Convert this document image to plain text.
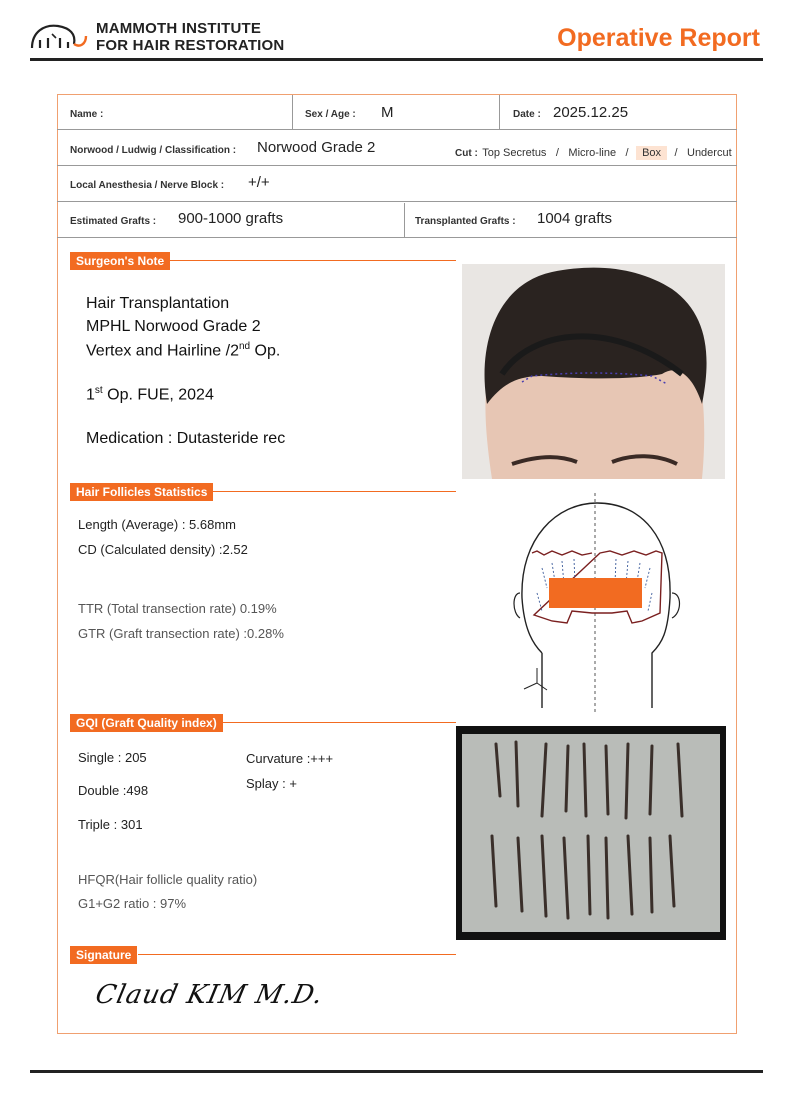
MAMMOTH INSTITUTE
FOR HAIR RESTORATION	Operative Report
Name :	Sex / Age : M	Date : 2025.12.25
Norwood / Ludwig / Classification : Norwood Grade 2	Cut : Top Secretus / Micro-line / Box / Undercut
Local Anesthesia / Nerve Block : +/+
Estimated Grafts : 900-1000 grafts	Transplanted Grafts : 1004 grafts
Surgeon's Note
Hair Transplantation
MPHL Norwood Grade 2
Vertex and Hairline /2nd Op.
1st Op. FUE, 2024
Medication : Dutasteride rec
Hair Follicles Statistics
Length (Average) : 5.68mm
CD (Calculated density) :2.52
TTR (Total transection rate) 0.19%
GTR (Graft transection rate) :0.28%
GQI (Graft Quality index)
Single : 205
Double :498
Triple : 301
Curvature :+++
Splay : +
HFQR(Hair follicle quality ratio)
G1+G2 ratio : 97%
Signature
Claud KIM M.D.
